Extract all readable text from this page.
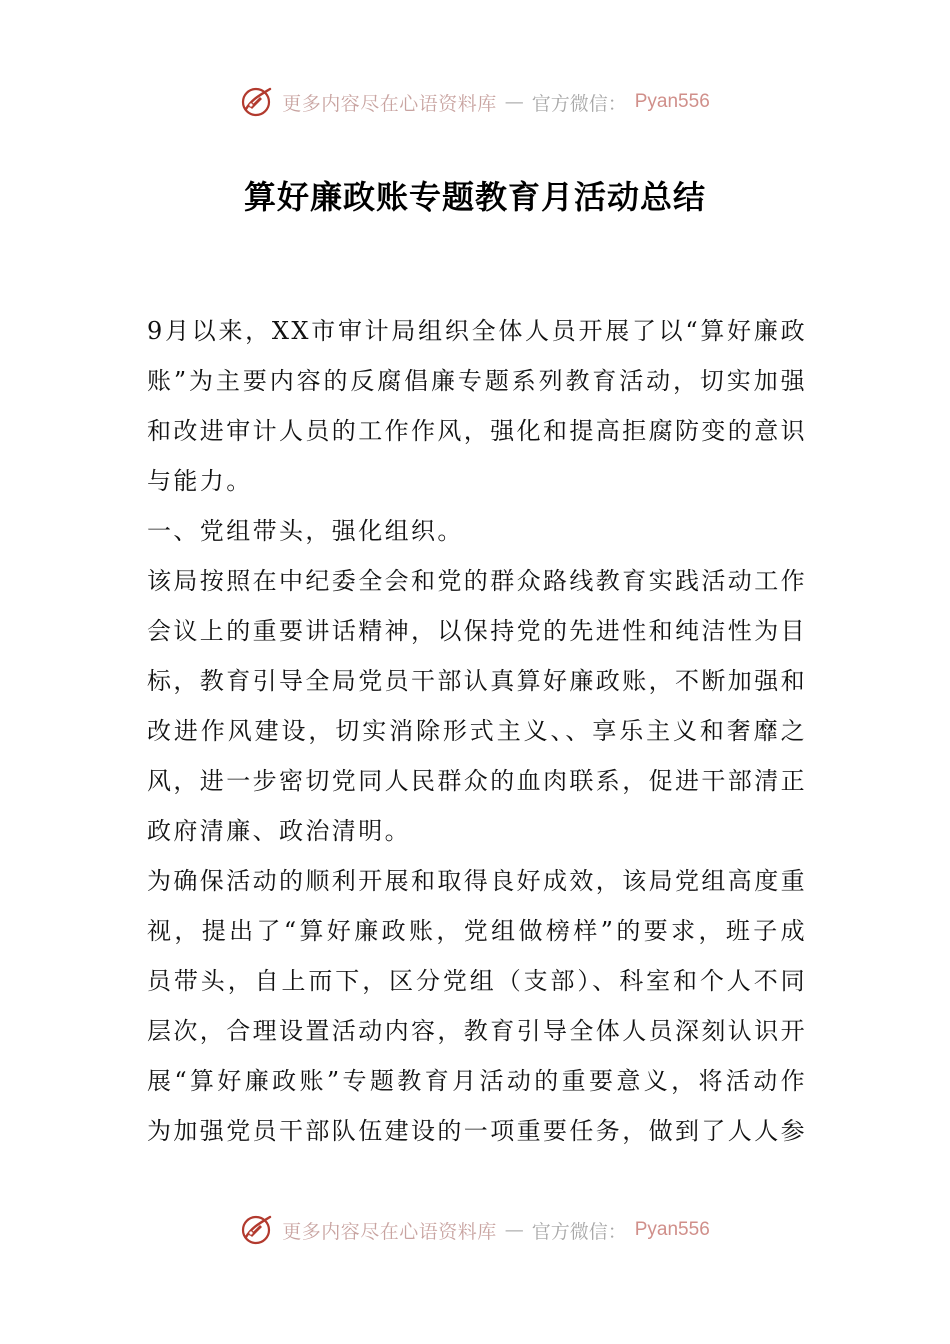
更多内容尽在心语资料库 — 官方微信： Pyan556
算好廉政账专题教育月活动总结

9月以来，XX市审计局组织全体人员开展了以“算好廉政账”为主要内容的反腐倡廉专题系列教育活动，切实加强和改进审计人员的工作作风，强化和提高拒腐防变的意识与能力。

一、党组带头，强化组织。

该局按照在中纪委全会和党的群众路线教育实践活动工作会议上的重要讲话精神，以保持党的先进性和纯洁性为目标，教育引导全局党员干部认真算好廉政账，不断加强和改进作风建设，切实消除形式主义、、享乐主义和奢靡之风，进一步密切党同人民群众的血肉联系，促进干部清正政府清廉、政治清明。

为确保活动的顺利开展和取得良好成效，该局党组高度重视，提出了“算好廉政账，党组做榜样”的要求，班子成员带头，自上而下，区分党组（支部）、科室和个人不同层次，合理设置活动内容，教育引导全体人员深刻认识开展“算好廉政账”专题教育月活动的重要意义，将活动作为加强党员干部队伍建设的一项重要任务，做到了人人参

更多内容尽在心语资料库 — 官方微信： Pyan556
